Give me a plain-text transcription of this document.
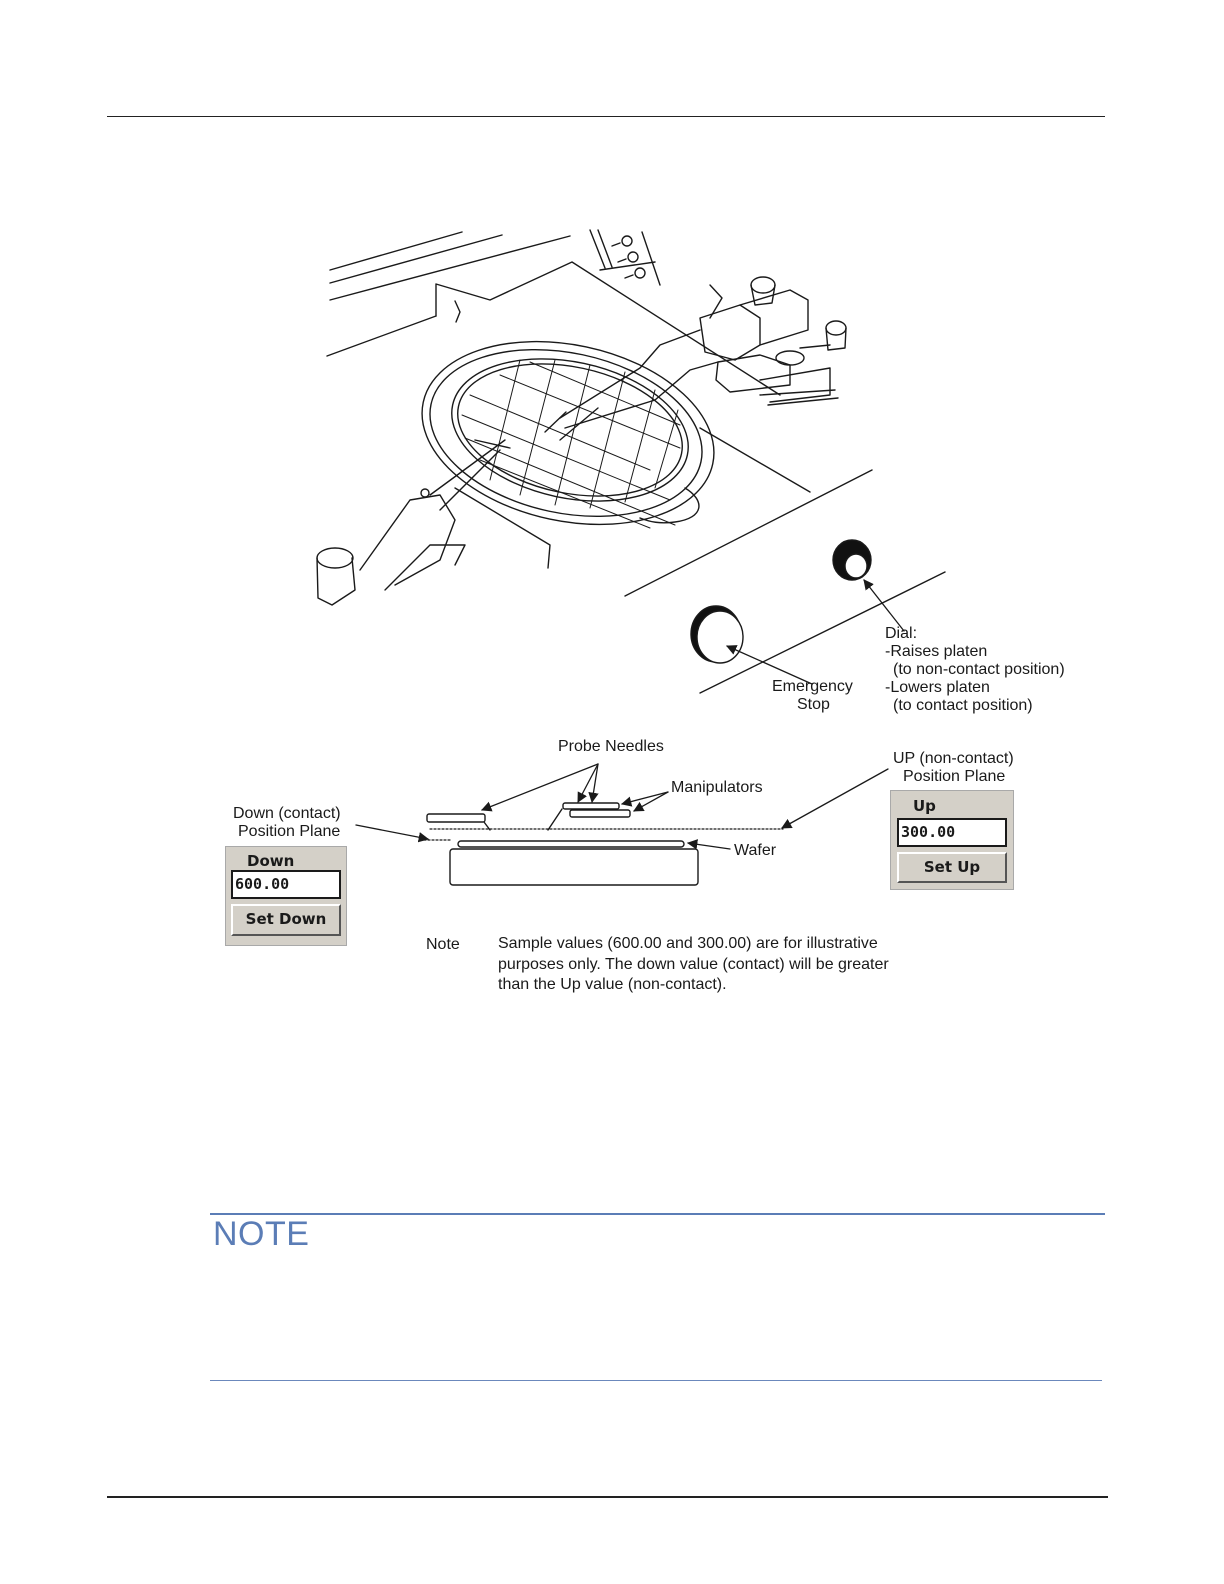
Dial:
-Raises platen
(to non-contact position)
-Lowers platen
(to contact position)
Emergency
Stop
Probe Needles
Manipulators
Wafer
UP (non-contact)
Position Plane
Down (contact)
Position Plane
Up
300.00
Set Up
Down
600.00
Set Down
Note Sample values (600.00 and 300.00) are for illustrative
purposes only. The down value (contact) will be greater
than the Up value (non-contact).
NOTE
